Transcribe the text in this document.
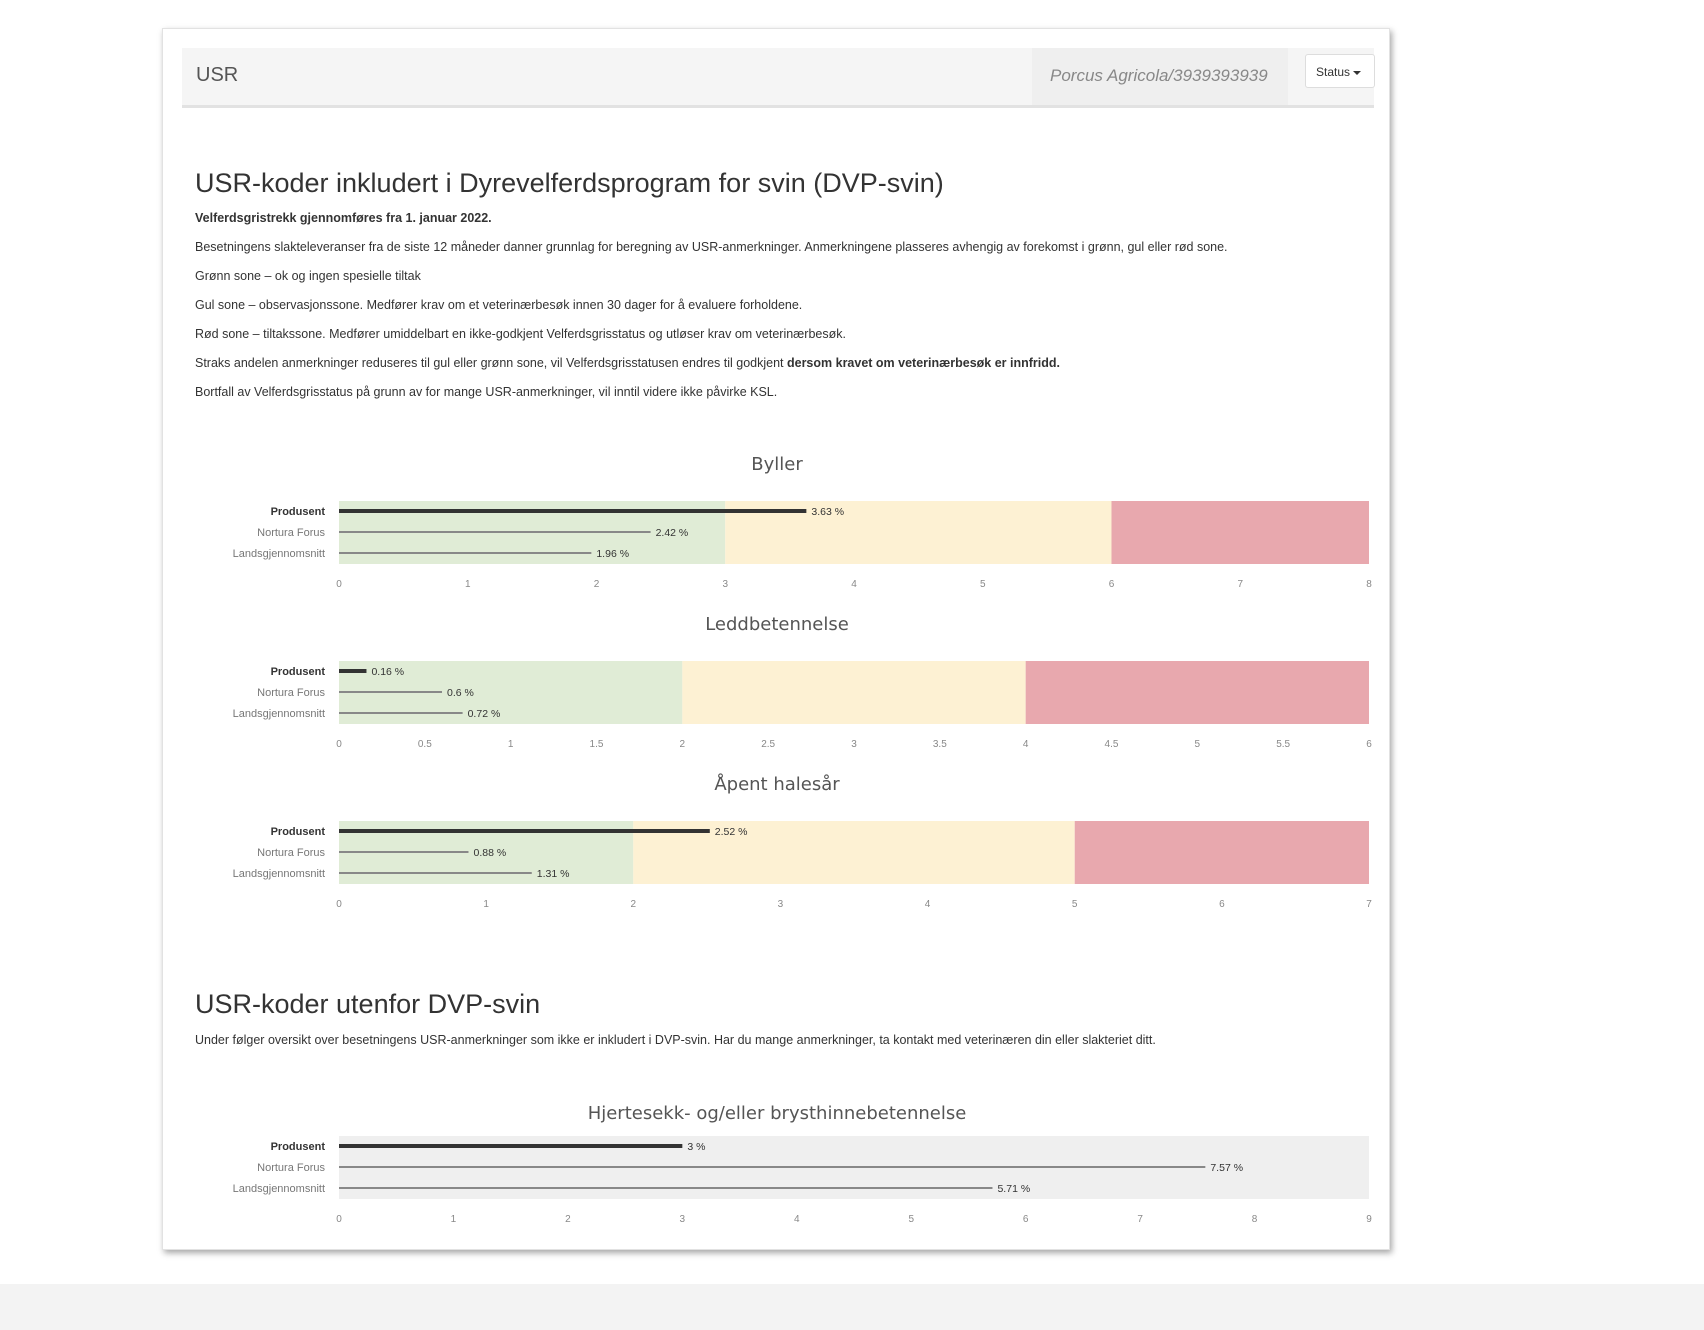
USR	Porcus Agricola/3939393939	Status
USR-koder inkludert i Dyrevelferdsprogram for svin (DVP-svin)
Velferdsgristrekk gjennomføres fra 1. januar 2022.
Besetningens slakteleveranser fra de siste 12 måneder danner grunnlag for beregning av USR-anmerkninger. Anmerkningene plasseres avhengig av forekomst i grønn, gul eller rød sone.
Grønn sone – ok og ingen spesielle tiltak
Gul sone – observasjonssone. Medfører krav om et veterinærbesøk innen 30 dager for å evaluere forholdene.
Rød sone – tiltakssone. Medfører umiddelbart en ikke-godkjent Velferdsgrisstatus og utløser krav om veterinærbesøk.
Straks andelen anmerkninger reduseres til gul eller grønn sone, vil Velferdsgrisstatusen endres til godkjent dersom kravet om veterinærbesøk er innfridd.
Bortfall av Velferdsgrisstatus på grunn av for mange USR-anmerkninger, vil inntil videre ikke påvirke KSL.
Byller
Produsent	3.63 %
Nortura Forus	2.42 %
Landsgjennomsnitt	1.96 %
0	1	2	3	4	5	6	7	8
Leddbetennelse
Produsent	0.16 %
Nortura Forus	0.6 %
Landsgjennomsnitt	0.72 %
0	0.5	1	1.5	2	2.5	3	3.5	4	4.5	5	5.5	6
Åpent halesår
Produsent	2.52 %
Nortura Forus	0.88 %
Landsgjennomsnitt	1.31 %
0	1	2	3	4	5	6	7
USR-koder utenfor DVP-svin
Under følger oversikt over besetningens USR-anmerkninger som ikke er inkludert i DVP-svin. Har du mange anmerkninger, ta kontakt med veterinæren din eller slakteriet ditt.
Hjertesekk- og/eller brysthinnebetennelse
Produsent	3 %
Nortura Forus	7.57 %
Landsgjennomsnitt	5.71 %
0	1	2	3	4	5	6	7	8	9
